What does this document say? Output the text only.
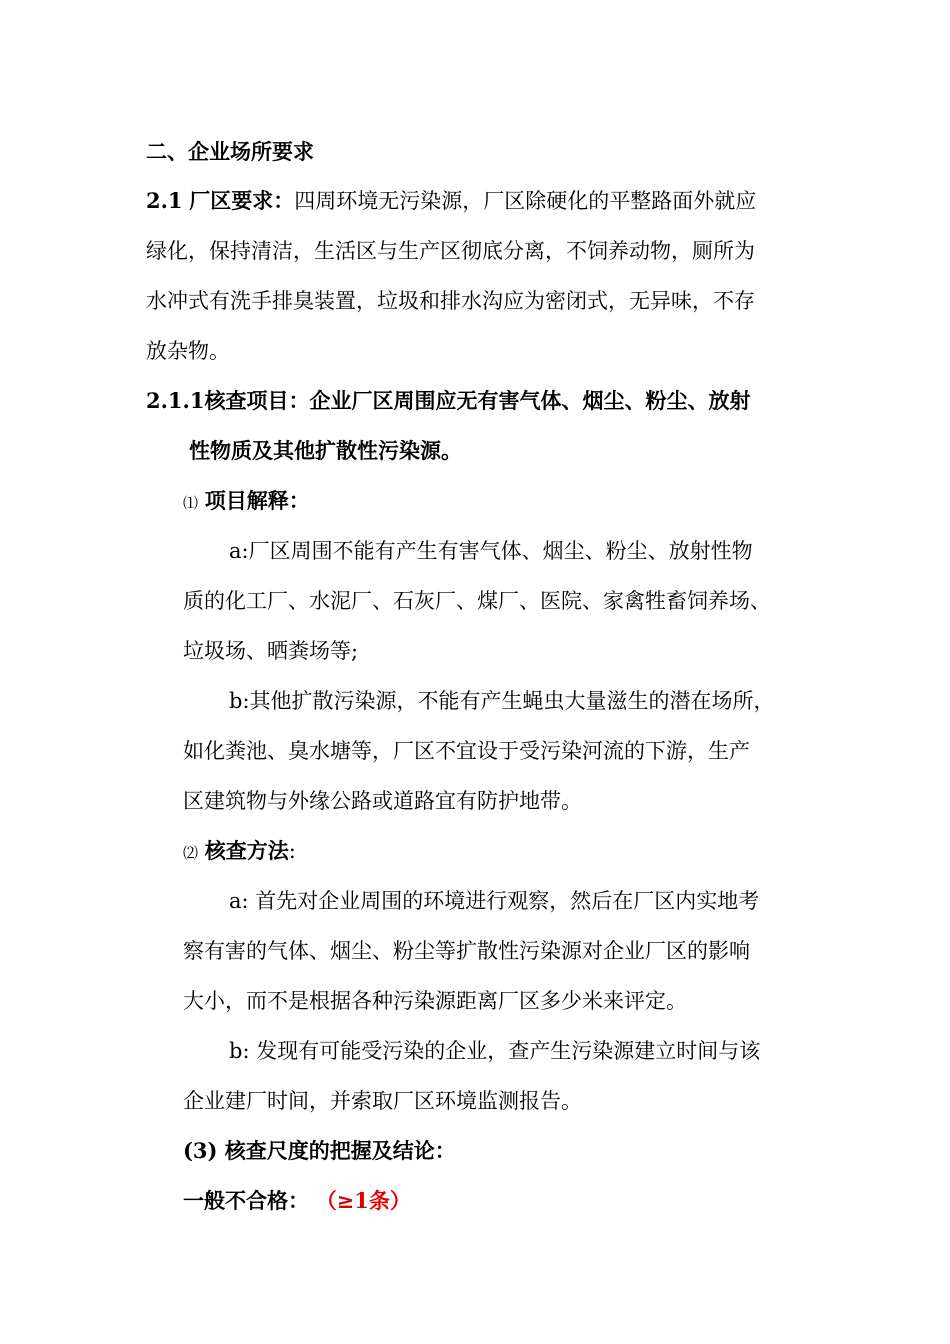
二、企业场所要求
2.1 厂区要求：四周环境无污染源，厂区除硬化的平整路面外就应
绿化，保持清洁，生活区与生产区彻底分离，不饲养动物，厕所为
水冲式有洗手排臭装置，垃圾和排水沟应为密闭式，无异味，不存
放杂物。
2.1.1核查项目：企业厂区周围应无有害气体、烟尘、粉尘、放射
性物质及其他扩散性污染源。
⑴ 项目解释：
a:厂区周围不能有产生有害气体、烟尘、粉尘、放射性物
质的化工厂、水泥厂、石灰厂、煤厂、医院、家禽牲畜饲养场、
垃圾场、晒粪场等;
b:其他扩散污染源，不能有产生蝇虫大量滋生的潜在场所，
如化粪池、臭水塘等，厂区不宜设于受污染河流的下游，生产
区建筑物与外缘公路或道路宜有防护地带。
⑵ 核查方法:
a: 首先对企业周围的环境进行观察，然后在厂区内实地考
察有害的气体、烟尘、粉尘等扩散性污染源对企业厂区的影响
大小，而不是根据各种污染源距离厂区多少米来评定。
b: 发现有可能受污染的企业，查产生污染源建立时间与该
企业建厂时间，并索取厂区环境监测报告。
(3) 核查尺度的把握及结论：
一般不合格： （≥1条）
